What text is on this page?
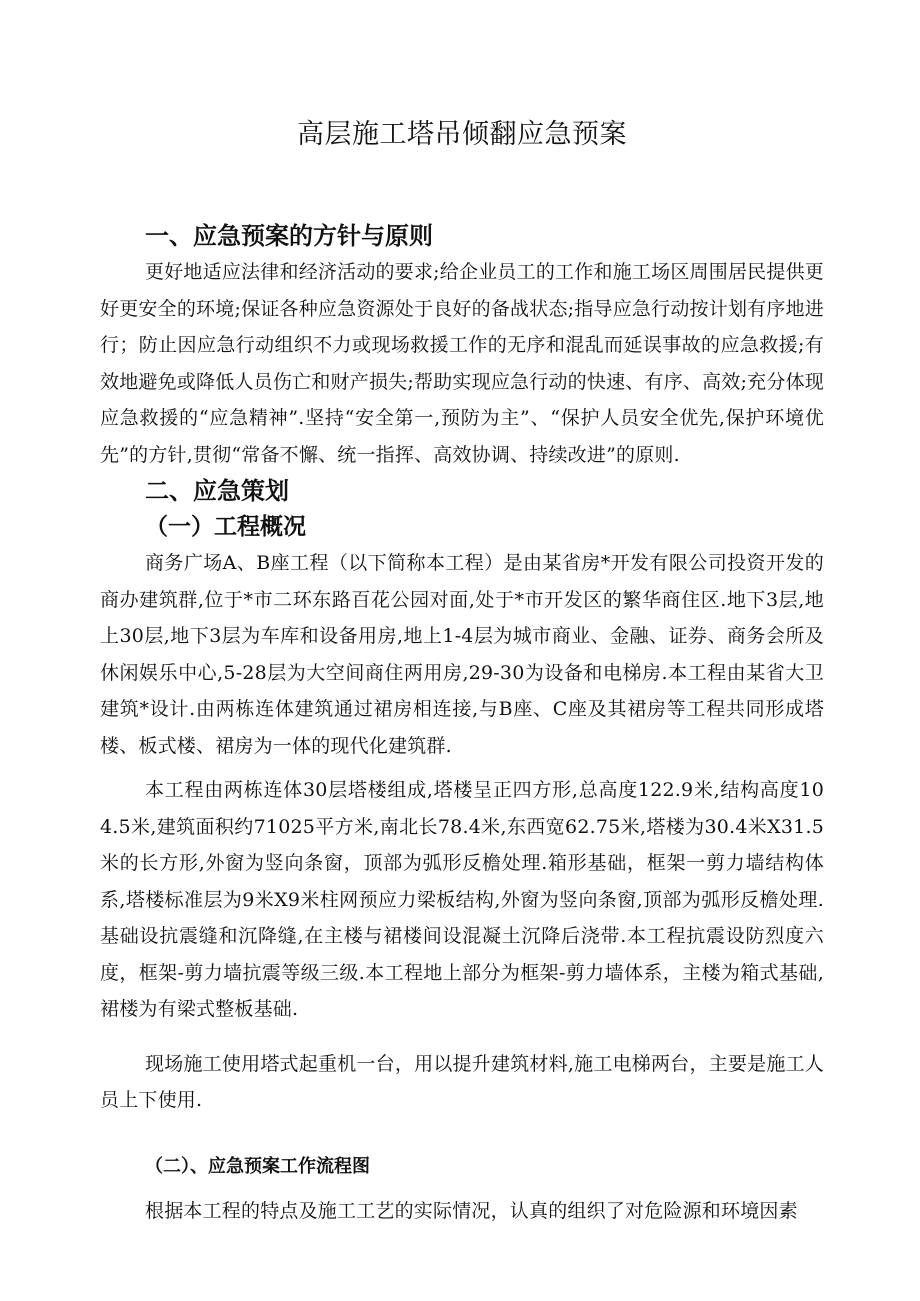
高层施工塔吊倾翻应急预案
一、应急预案的方针与原则

更好地适应法律和经济活动的要求;给企业员工的工作和施工场区周围居民提供更好更安全的环境;保证各种应急资源处于良好的备战状态;指导应急行动按计划有序地进行；防止因应急行动组织不力或现场救援工作的无序和混乱而延误事故的应急救援;有效地避免或降低人员伤亡和财产损失;帮助实现应急行动的快速、有序、高效;充分体现应急救援的“应急精神”.坚持“安全第一,预防为主”、“保护人员安全优先,保护环境优先”的方针,贯彻“常备不懈、统一指挥、高效协调、持续改进”的原则.

二、应急策划
（一）工程概况

商务广场A、B座工程（以下简称本工程）是由某省房*开发有限公司投资开发的商办建筑群,位于*市二环东路百花公园对面,处于*市开发区的繁华商住区.地下3层,地上30层,地下3层为车库和设备用房,地上1-4层为城市商业、金融、证券、商务会所及休闲娱乐中心,5-28层为大空间商住两用房,29-30为设备和电梯房.本工程由某省大卫建筑*设计.由两栋连体建筑通过裙房相连接,与B座、C座及其裙房等工程共同形成塔楼、板式楼、裙房为一体的现代化建筑群.

本工程由两栋连体30层塔楼组成,塔楼呈正四方形,总高度122.9米,结构高度104.5米,建筑面积约71025平方米,南北长78.4米,东西宽62.75米,塔楼为30.4米X31.5米的长方形,外窗为竖向条窗，顶部为弧形反檐处理.箱形基础，框架一剪力墙结构体系,塔楼标准层为9米X9米柱网预应力梁板结构,外窗为竖向条窗,顶部为弧形反檐处理.基础设抗震缝和沉降缝,在主楼与裙楼间设混凝土沉降后浇带.本工程抗震设防烈度六度，框架-剪力墙抗震等级三级.本工程地上部分为框架-剪力墙体系，主楼为箱式基础,裙楼为有梁式整板基础.

现场施工使用塔式起重机一台，用以提升建筑材料,施工电梯两台，主要是施工人员上下使用.

（二）、应急预案工作流程图

根据本工程的特点及施工工艺的实际情况，认真的组织了对危险源和环境因素
